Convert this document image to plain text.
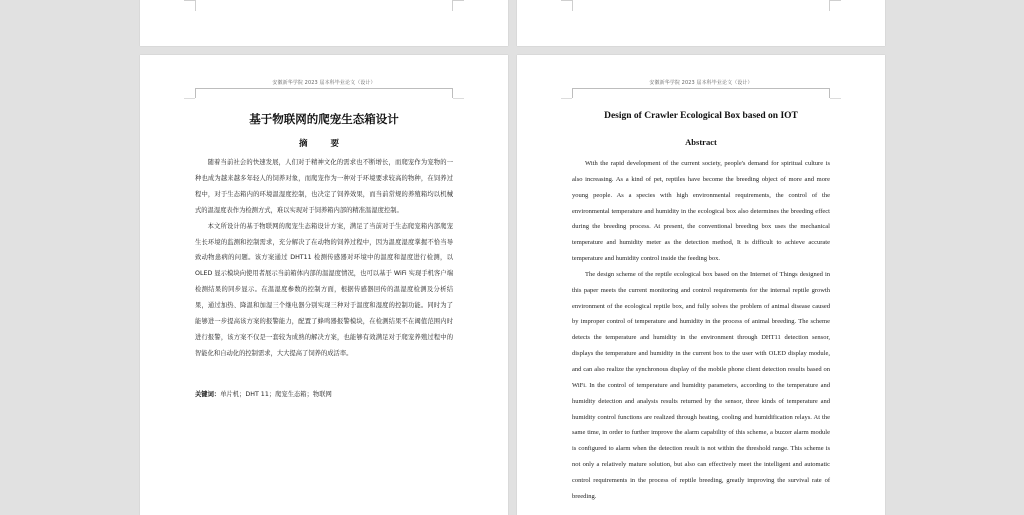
安徽新华学院 2023 届本科毕业论文（设计）
基于物联网的爬宠生态箱设计
摘 要

随着当前社会的快速发展，人们对于精神文化的需求也不断增长，而爬宠作为宠物的一种也成为越来越多年轻人的饲养对象，而爬宠作为一种对于环境要求较高的物种，在饲养过程中，对于生态箱内的环境温湿度控制，也决定了饲养效果，而当前常规的养殖箱均以机械式的温湿度表作为检测方式，难以实现对于饲养箱内部的精准温湿度控制。

本文所设计的基于物联网的爬宠生态箱设计方案，满足了当前对于生态爬宠箱内部爬宠生长环境的监测和控制需求，充分解决了在动物的饲养过程中，因为温度湿度掌握不恰当导致动物患病的问题。该方案通过 DHT11 检测传感器对环境中的温度和湿度进行检测，以 OLED 显示模块向使用者展示当前箱体内部的温湿度情况，也可以基于 WiFi 实现手机客户端检测结果的同步显示。在温湿度参数的控制方面，根据传感器回传的温湿度检测及分析结果，通过加热、降温和加湿三个继电器分别实现三种对于温度和湿度的控制功能。同时为了能够进一步提高该方案的报警能力，配置了蜂鸣器报警模块，在检测结果不在阈值范围内时进行报警，该方案不仅是一套较为成熟的解决方案，也能够有效满足对于爬宠养殖过程中的智能化和自动化的控制需求，大大提高了饲养的成活率。

关键词：单片机；DHT 11；爬宠生态箱；物联网
安徽新华学院 2023 届本科毕业论文（设计）
Design of Crawler Ecological Box based on IOT
Abstract

With the rapid development of the current society, people's demand for spiritual culture is also increasing. As a kind of pet, reptiles have become the breeding object of more and more young people. As a species with high environmental requirements, the control of the environmental temperature and humidity in the ecological box also determines the breeding effect during the breeding process. At present, the conventional breeding box uses the mechanical temperature and humidity meter as the detection method, It is difficult to achieve accurate temperature and humidity control inside the feeding box.

The design scheme of the reptile ecological box based on the Internet of Things designed in this paper meets the current monitoring and control requirements for the internal reptile growth environment of the ecological reptile box, and fully solves the problem of animal disease caused by improper control of temperature and humidity in the process of animal breeding. The scheme detects the temperature and humidity in the environment through DHT11 detection sensor, displays the temperature and humidity in the current box to the user with OLED display module, and can also realize the synchronous display of the mobile phone client detection results based on WiFi. In the control of temperature and humidity parameters, according to the temperature and humidity detection and analysis results returned by the sensor, three kinds of temperature and humidity control functions are realized through heating, cooling and humidification relays. At the same time, in order to further improve the alarm capability of this scheme, a buzzer alarm module is configured to alarm when the detection result is not within the threshold range. This scheme is not only a relatively mature solution, but also can effectively meet the intelligent and automatic control requirements in the process of reptile breeding, greatly improving the survival rate of breeding.
